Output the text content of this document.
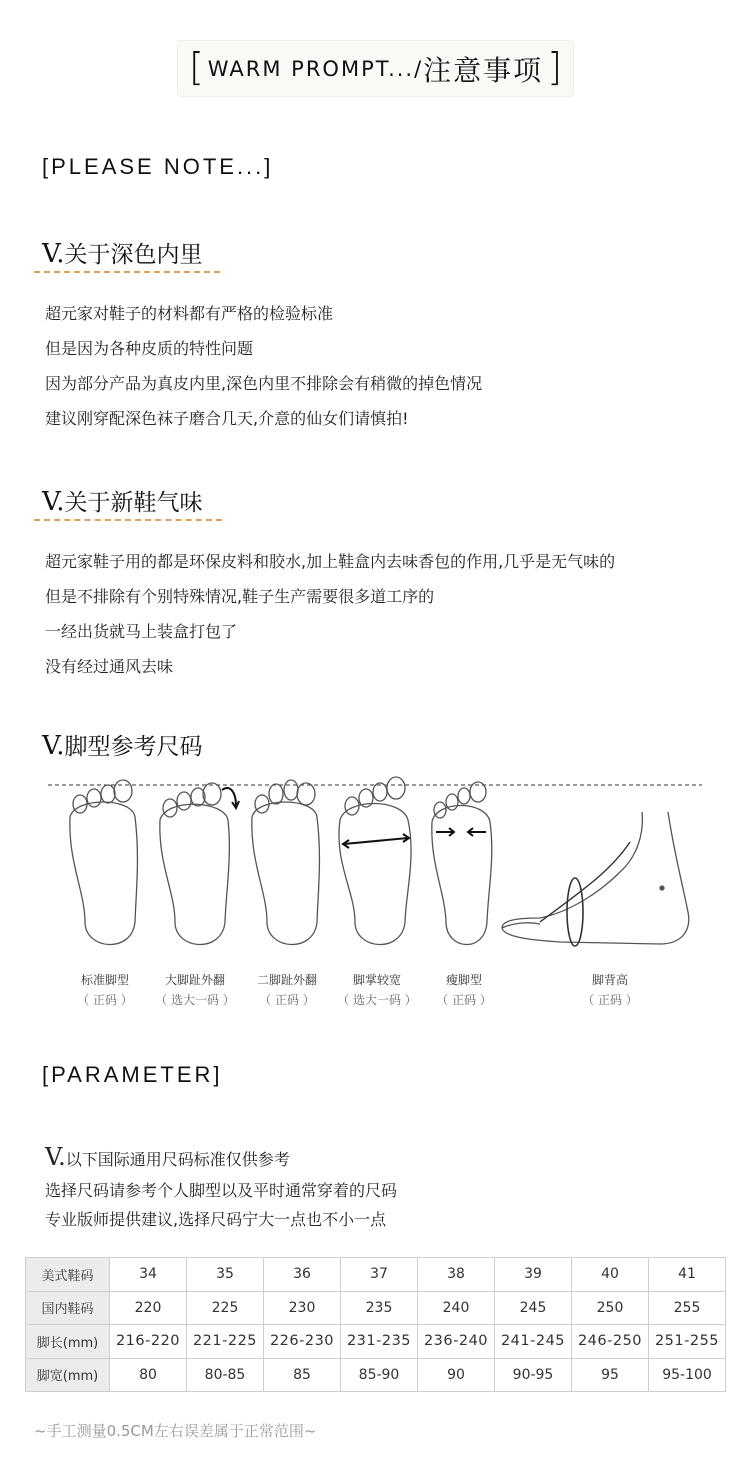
[ WARM PROMPT.../ 注意事项 ]
[PLEASE NOTE...]
V.关于深色内里
超元家对鞋子的材料都有严格的检验标准
但是因为各种皮质的特性问题
因为部分产品为真皮内里,深色内里不排除会有稍微的掉色情况
建议刚穿配深色袜子磨合几天,介意的仙女们请慎拍!
V.关于新鞋气味
超元家鞋子用的都是环保皮料和胶水,加上鞋盒内去味香包的作用,几乎是无气味的
但是不排除有个别特殊情况,鞋子生产需要很多道工序的
一经出货就马上装盒打包了
没有经过通风去味
V.脚型参考尺码
标准脚型
（ 正码 ）
大脚趾外翻
（ 选大一码 ）
二脚趾外翻
（ 正码 ）
脚掌较宽
（ 选大一码 ）
瘦脚型
（ 正码 ）
脚背高
（ 正码 ）
[PARAMETER]
V.以下国际通用尺码标准仅供参考
选择尺码请参考个人脚型以及平时通常穿着的尺码
专业版师提供建议,选择尺码宁大一点也不小一点
美式鞋码	34	35	36	37	38	39	40	41
国内鞋码	220	225	230	235	240	245	250	255
脚长(mm)	216-220	221-225	226-230	231-235	236-240	241-245	246-250	251-255
脚宽(mm)	80	80-85	85	85-90	90	90-95	95	95-100
~手工测量0.5CM左右误差属于正常范围~
